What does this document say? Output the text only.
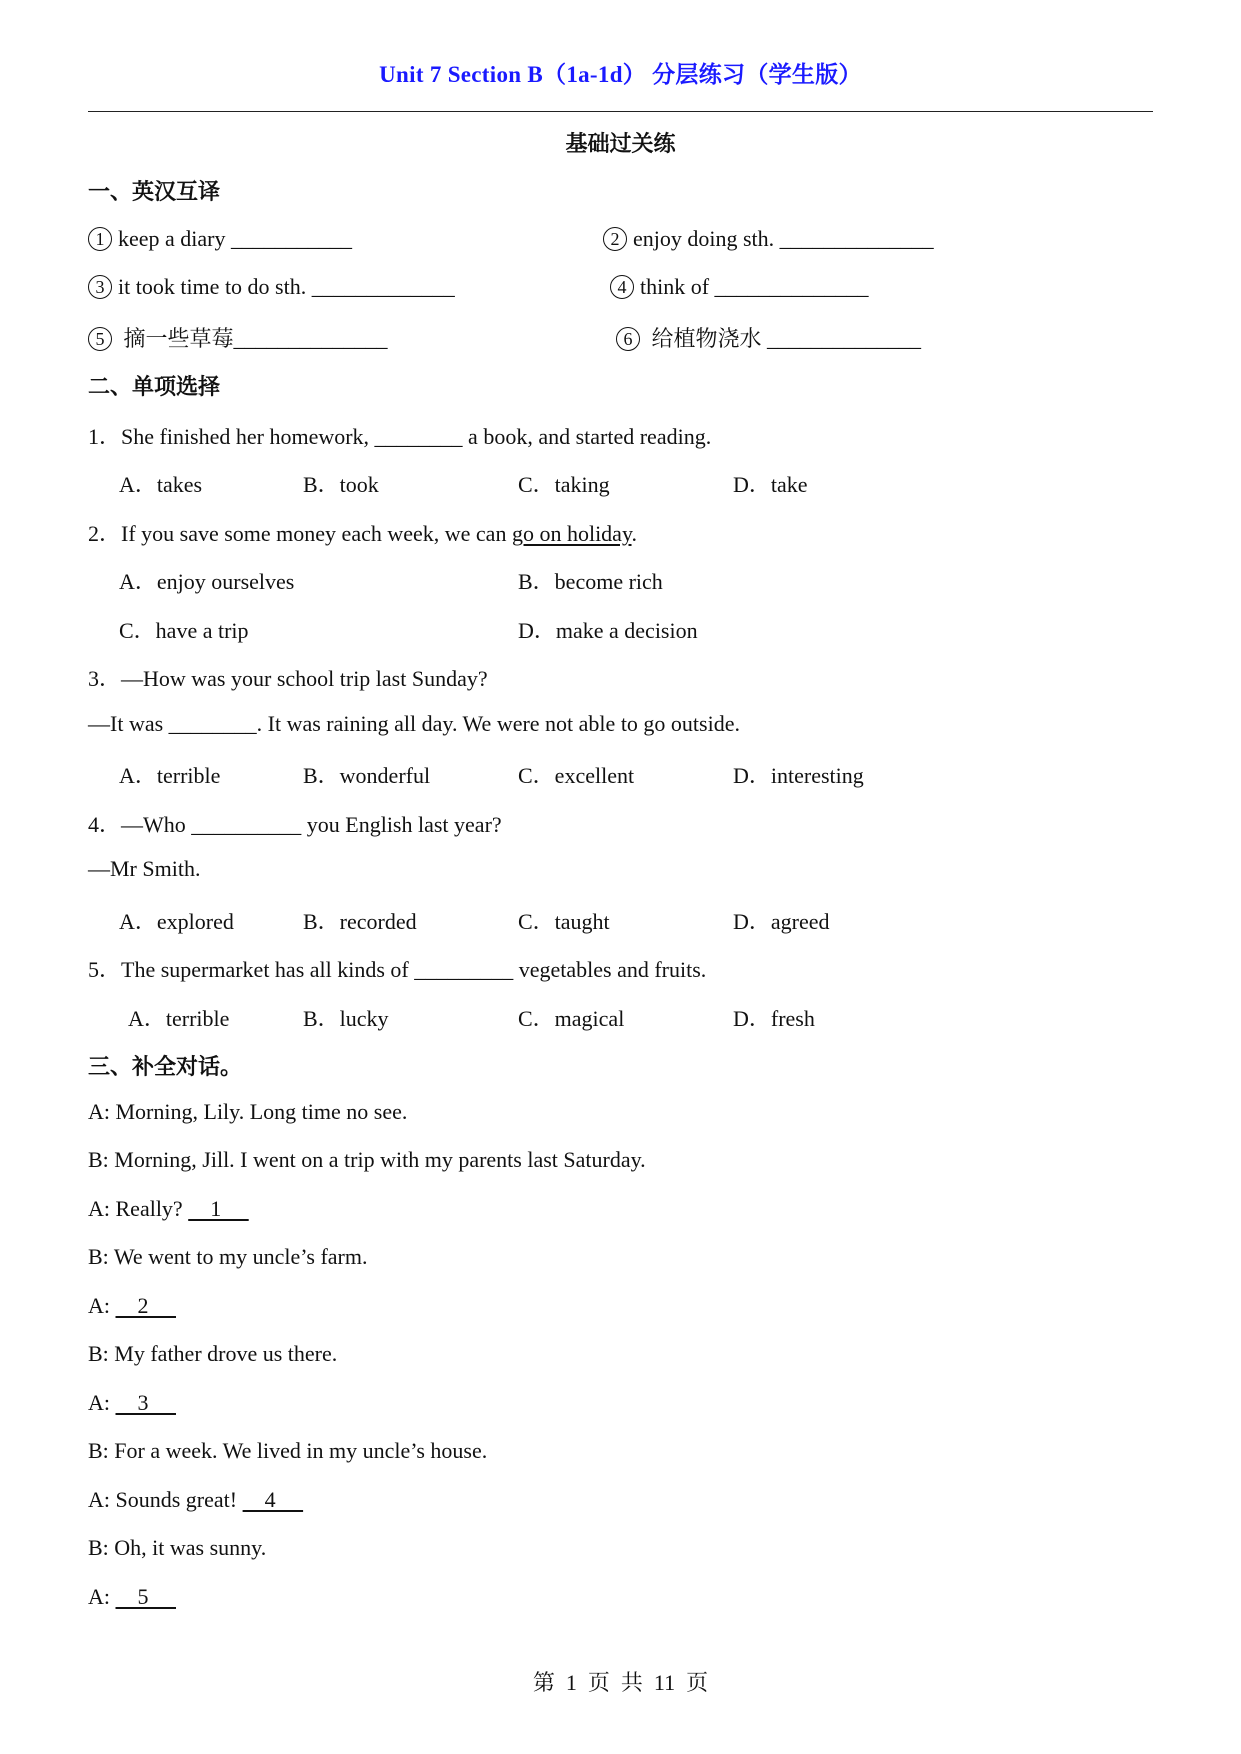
Unit 7 Section B（1a-1d） 分层练习（学生版）
基础过关练
一、英汉互译
1 keep a diary ___________	2 enjoy doing sth. ______________
3 it took time to do sth. _____________	4 think of ______________
5 摘一些草莓______________	6 给植物浇水 ______________
二、单项选择
1．She finished her homework, ________ a book, and started reading.
A．takes	B．took	C．taking	D．take
2．If you save some money each week, we can go on holiday.
A．enjoy ourselves	B．become rich
C．have a trip	D．make a decision
3．—How was your school trip last Sunday?
—It was ________. It was raining all day. We were not able to go outside.
A．terrible	B．wonderful	C．excellent	D．interesting
4．—Who __________ you English last year?
—Mr Smith.
A．explored	B．recorded	C．taught	D．agreed
5．The supermarket has all kinds of _________ vegetables and fruits.
A．terrible	B．lucky	C．magical	D．fresh
三、补全对话。
A: Morning, Lily. Long time no see.
B: Morning, Jill. I went on a trip with my parents last Saturday.
A: Really?     1
B: We went to my uncle’s farm.
A:     2
B: My father drove us there.
A:     3
B: For a week. We lived in my uncle’s house.
A: Sounds great!     4
B: Oh, it was sunny.
A:     5
第  1  页  共  11  页
